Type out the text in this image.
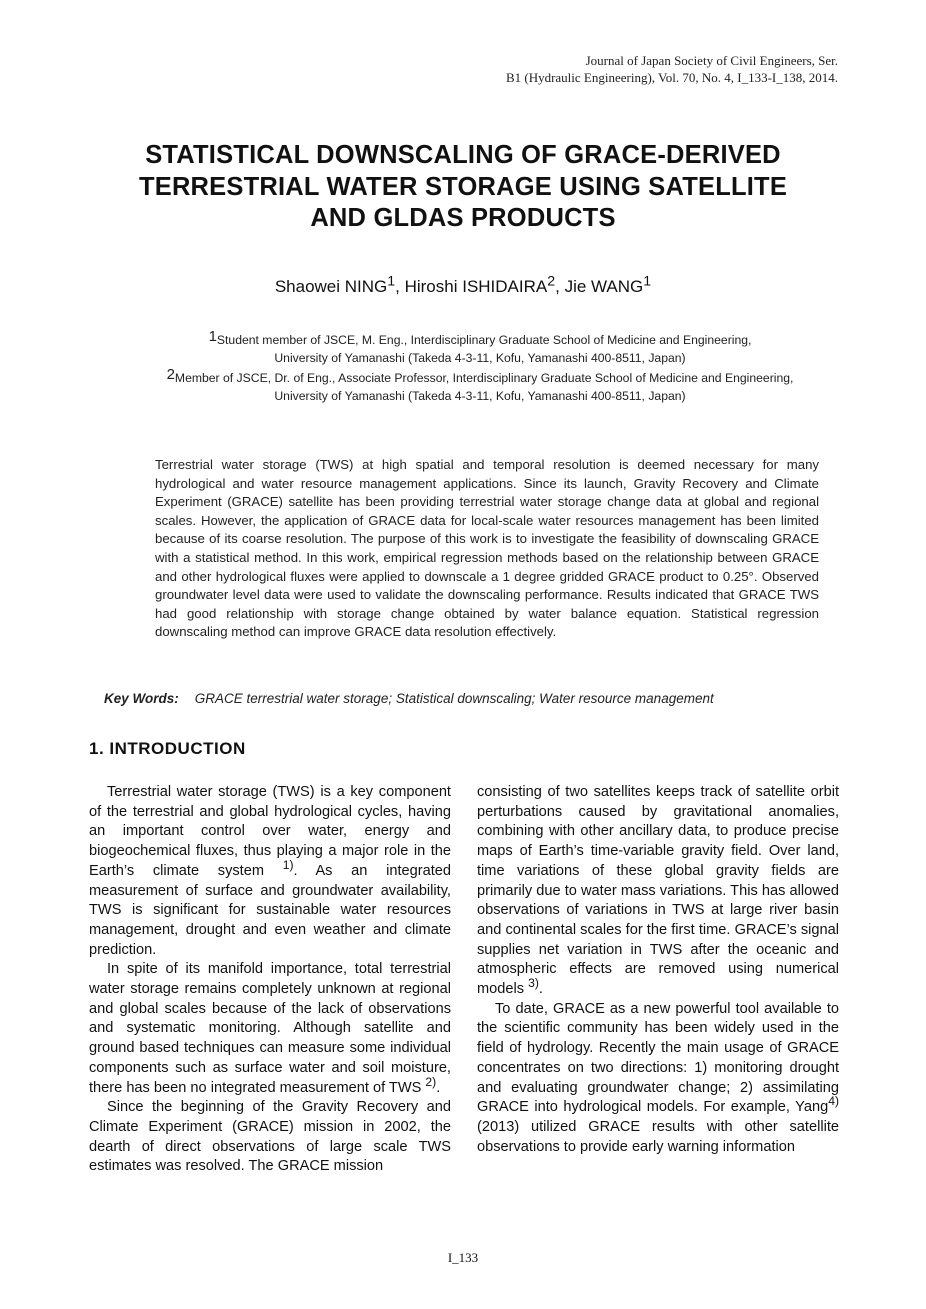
Journal of Japan Society of Civil Engineers, Ser.
B1 (Hydraulic Engineering), Vol. 70, No. 4, I_133-I_138, 2014.
STATISTICAL DOWNSCALING OF GRACE-DERIVED
TERRESTRIAL WATER STORAGE USING SATELLITE
AND GLDAS PRODUCTS
Shaowei NING$^1$, Hiroshi ISHIDAIRA$^2$, Jie WANG$^1$
$^1$Student member of JSCE, M. Eng., Interdisciplinary Graduate School of Medicine and Engineering,
University of Yamanashi (Takeda 4-3-11, Kofu, Yamanashi 400-8511, Japan)
$^2$Member of JSCE, Dr. of Eng., Associate Professor, Interdisciplinary Graduate School of Medicine and Engineering,
University of Yamanashi (Takeda 4-3-11, Kofu, Yamanashi 400-8511, Japan)
Terrestrial water storage (TWS) at high spatial and temporal resolution is deemed necessary for many hydrological and water resource management applications. Since its launch, Gravity Recovery and Climate Experiment (GRACE) satellite has been providing terrestrial water storage change data at global and regional scales. However, the application of GRACE data for local-scale water resources management has been limited because of its coarse resolution. The purpose of this work is to investigate the feasibility of downscaling GRACE with a statistical method. In this work, empirical regression methods based on the relationship between GRACE and other hydrological fluxes were applied to downscale a 1 degree gridded GRACE product to 0.25°. Observed groundwater level data were used to validate the downscaling performance. Results indicated that GRACE TWS had good relationship with storage change obtained by water balance equation. Statistical regression downscaling method can improve GRACE data resolution effectively.
Key Words: GRACE terrestrial water storage; Statistical downscaling; Water resource management
1. INTRODUCTION

Terrestrial water storage (TWS) is a key component of the terrestrial and global hydrological cycles, having an important control over water, energy and biogeochemical fluxes, thus playing a major role in the Earth’s climate system $^{1)}$. As an integrated measurement of surface and groundwater availability, TWS is significant for sustainable water resources management, drought and even weather and climate prediction.

In spite of its manifold importance, total terrestrial water storage remains completely unknown at regional and global scales because of the lack of observations and systematic monitoring. Although satellite and ground based techniques can measure some individual components such as surface water and soil moisture, there has been no integrated measurement of TWS $^{2)}$.

Since the beginning of the Gravity Recovery and Climate Experiment (GRACE) mission in 2002, the dearth of direct observations of large scale TWS estimates was resolved. The GRACE mission

consisting of two satellites keeps track of satellite orbit perturbations caused by gravitational anomalies, combining with other ancillary data, to produce precise maps of Earth’s time-variable gravity field. Over land, time variations of these global gravity fields are primarily due to water mass variations. This has allowed observations of variations in TWS at large river basin and continental scales for the first time. GRACE’s signal supplies net variation in TWS after the oceanic and atmospheric effects are removed using numerical models $^{3)}$.

To date, GRACE as a new powerful tool available to the scientific community has been widely used in the field of hydrology. Recently the main usage of GRACE concentrates on two directions: 1) monitoring drought and evaluating groundwater change; 2) assimilating GRACE into hydrological models. For example, Yang$^{4)}$ (2013) utilized GRACE results with other satellite observations to provide early warning information

I_133
